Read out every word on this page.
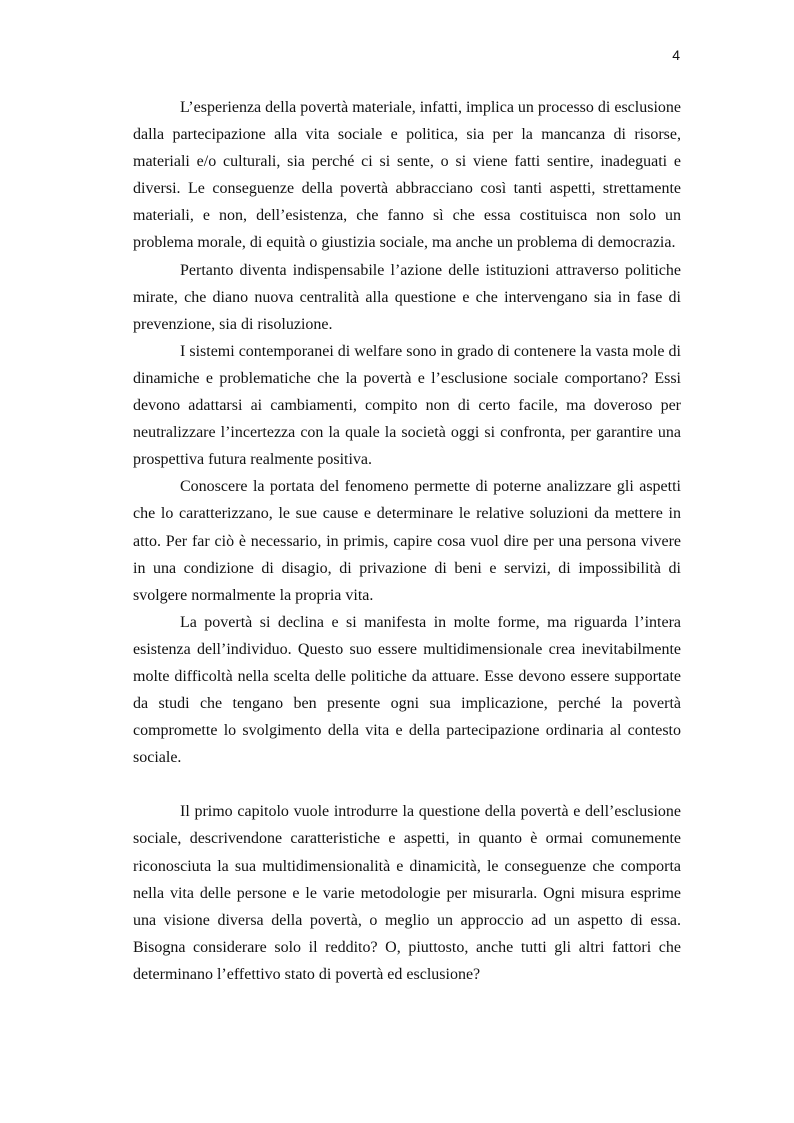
4

L’esperienza della povertà materiale, infatti, implica un processo di esclusione dalla partecipazione alla vita sociale e politica, sia per la mancanza di risorse, materiali e/o culturali, sia perché ci si sente, o si viene fatti sentire, inadeguati e diversi. Le conseguenze della povertà abbracciano così tanti aspetti, strettamente materiali, e non, dell’esistenza, che fanno sì che essa costituisca non solo un problema morale, di equità o giustizia sociale, ma anche un problema di democrazia.

Pertanto diventa indispensabile l’azione delle istituzioni attraverso politiche mirate, che diano nuova centralità alla questione e che intervengano sia in fase di prevenzione, sia di risoluzione.

I sistemi contemporanei di welfare sono in grado di contenere la vasta mole di dinamiche e problematiche che la povertà e l’esclusione sociale comportano? Essi devono adattarsi ai cambiamenti, compito non di certo facile, ma doveroso per neutralizzare l’incertezza con la quale la società oggi si confronta, per garantire una prospettiva futura realmente positiva.

Conoscere la portata del fenomeno permette di poterne analizzare gli aspetti che lo caratterizzano, le sue cause e determinare le relative soluzioni da mettere in atto. Per far ciò è necessario, in primis, capire cosa vuol dire per una persona vivere in una condizione di disagio, di privazione di beni e servizi, di impossibilità di svolgere normalmente la propria vita.

La povertà si declina e si manifesta in molte forme, ma riguarda l’intera esistenza dell’individuo. Questo suo essere multidimensionale crea inevitabilmente molte difficoltà nella scelta delle politiche da attuare. Esse devono essere supportate da studi che tengano ben presente ogni sua implicazione, perché la povertà compromette lo svolgimento della vita e della partecipazione ordinaria al contesto sociale.

Il primo capitolo vuole introdurre la questione della povertà e dell’esclusione sociale, descrivendone caratteristiche e aspetti, in quanto è ormai comunemente riconosciuta la sua multidimensionalità e dinamicità, le conseguenze che comporta nella vita delle persone e le varie metodologie per misurarla. Ogni misura esprime una visione diversa della povertà, o meglio un approccio ad un aspetto di essa. Bisogna considerare solo il reddito? O, piuttosto, anche tutti gli altri fattori che determinano l’effettivo stato di povertà ed esclusione?
